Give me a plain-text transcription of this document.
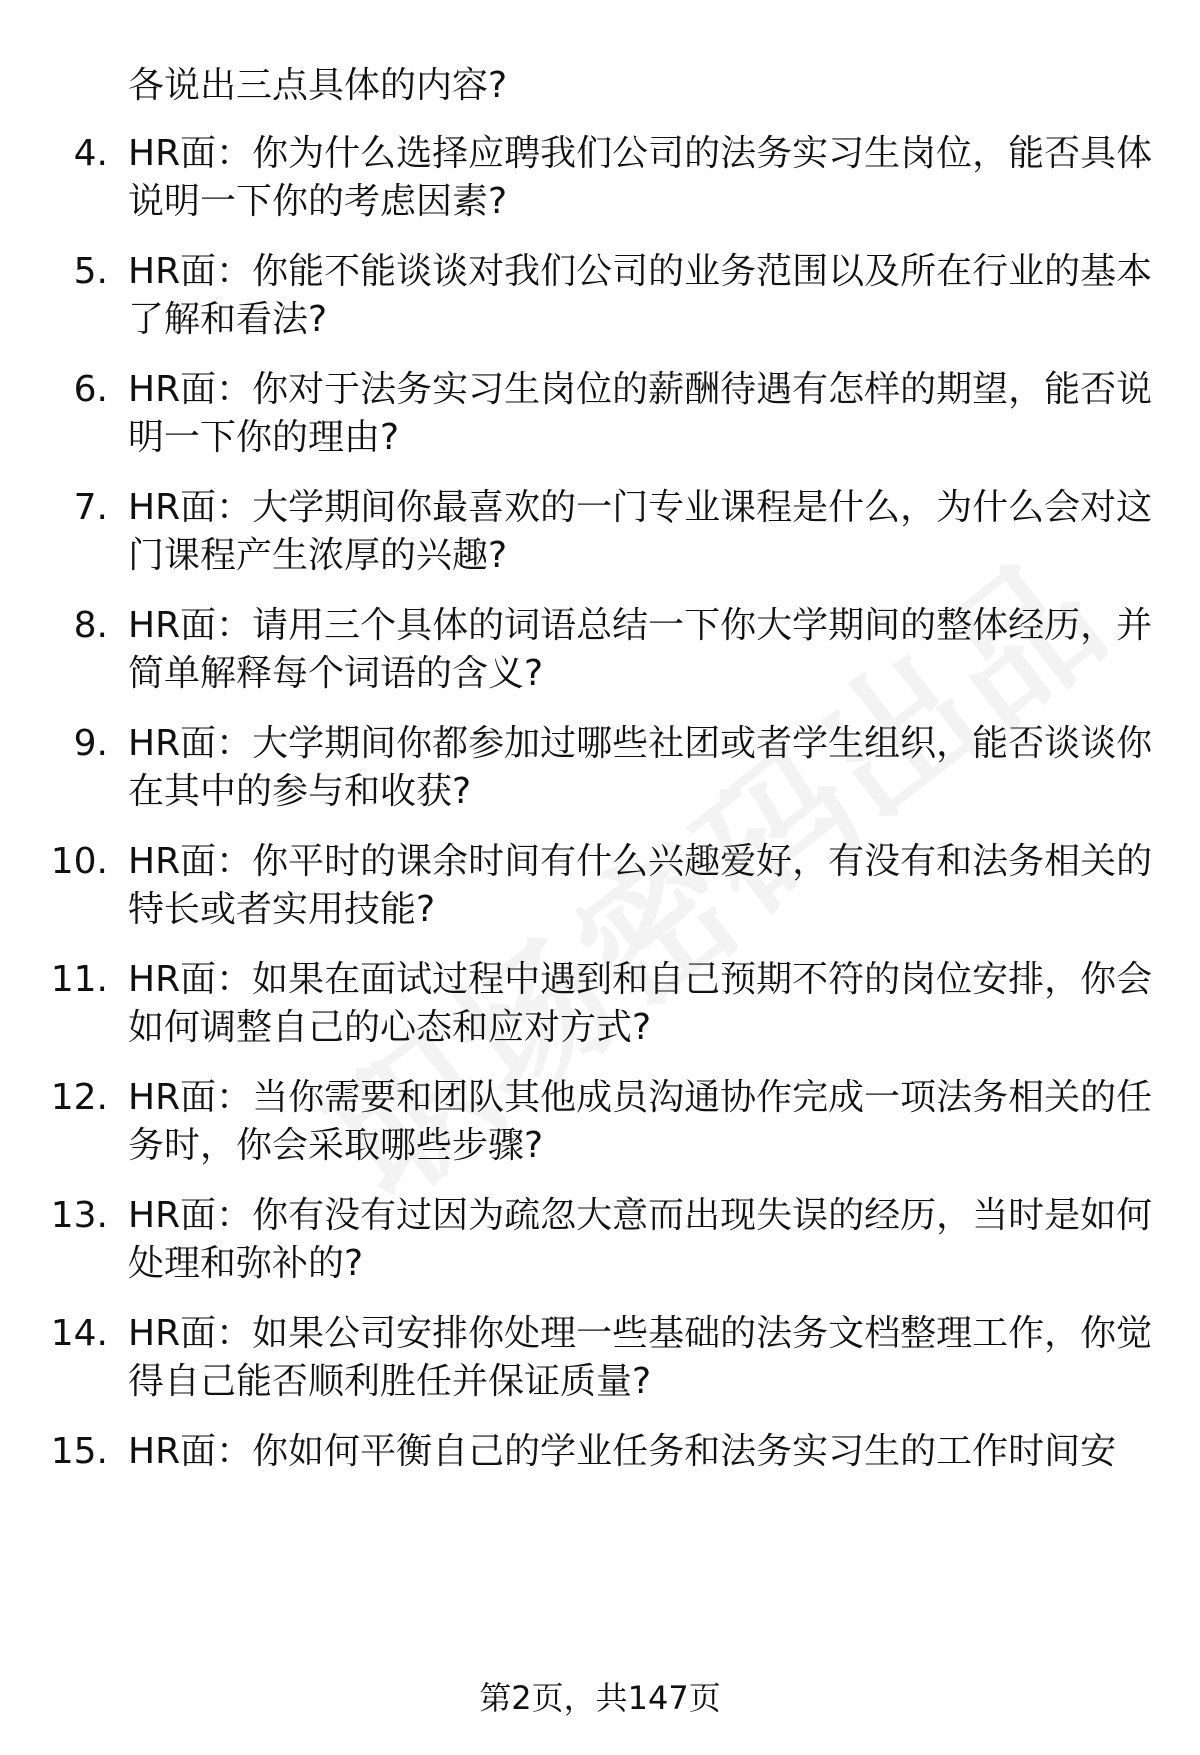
各说出三点具体的内容?

4. HR面：你为什么选择应聘我们公司的法务实习生岗位，能否具体说明一下你的考虑因素?

5. HR面：你能不能谈谈对我们公司的业务范围以及所在行业的基本了解和看法?

6. HR面：你对于法务实习生岗位的薪酬待遇有怎样的期望，能否说明一下你的理由?

7. HR面：大学期间你最喜欢的一门专业课程是什么，为什么会对这门课程产生浓厚的兴趣?

8. HR面：请用三个具体的词语总结一下你大学期间的整体经历，并简单解释每个词语的含义?

9. HR面：大学期间你都参加过哪些社团或者学生组织，能否谈谈你在其中的参与和收获?

10. HR面：你平时的课余时间有什么兴趣爱好，有没有和法务相关的特长或者实用技能?

11. HR面：如果在面试过程中遇到和自己预期不符的岗位安排，你会如何调整自己的心态和应对方式?

12. HR面：当你需要和团队其他成员沟通协作完成一项法务相关的任务时，你会采取哪些步骤?

13. HR面：你有没有过因为疏忽大意而出现失误的经历，当时是如何处理和弥补的?

14. HR面：如果公司安排你处理一些基础的法务文档整理工作，你觉得自己能否顺利胜任并保证质量?

15. HR面：你如何平衡自己的学业任务和法务实习生的工作时间安

第2页，共147页
